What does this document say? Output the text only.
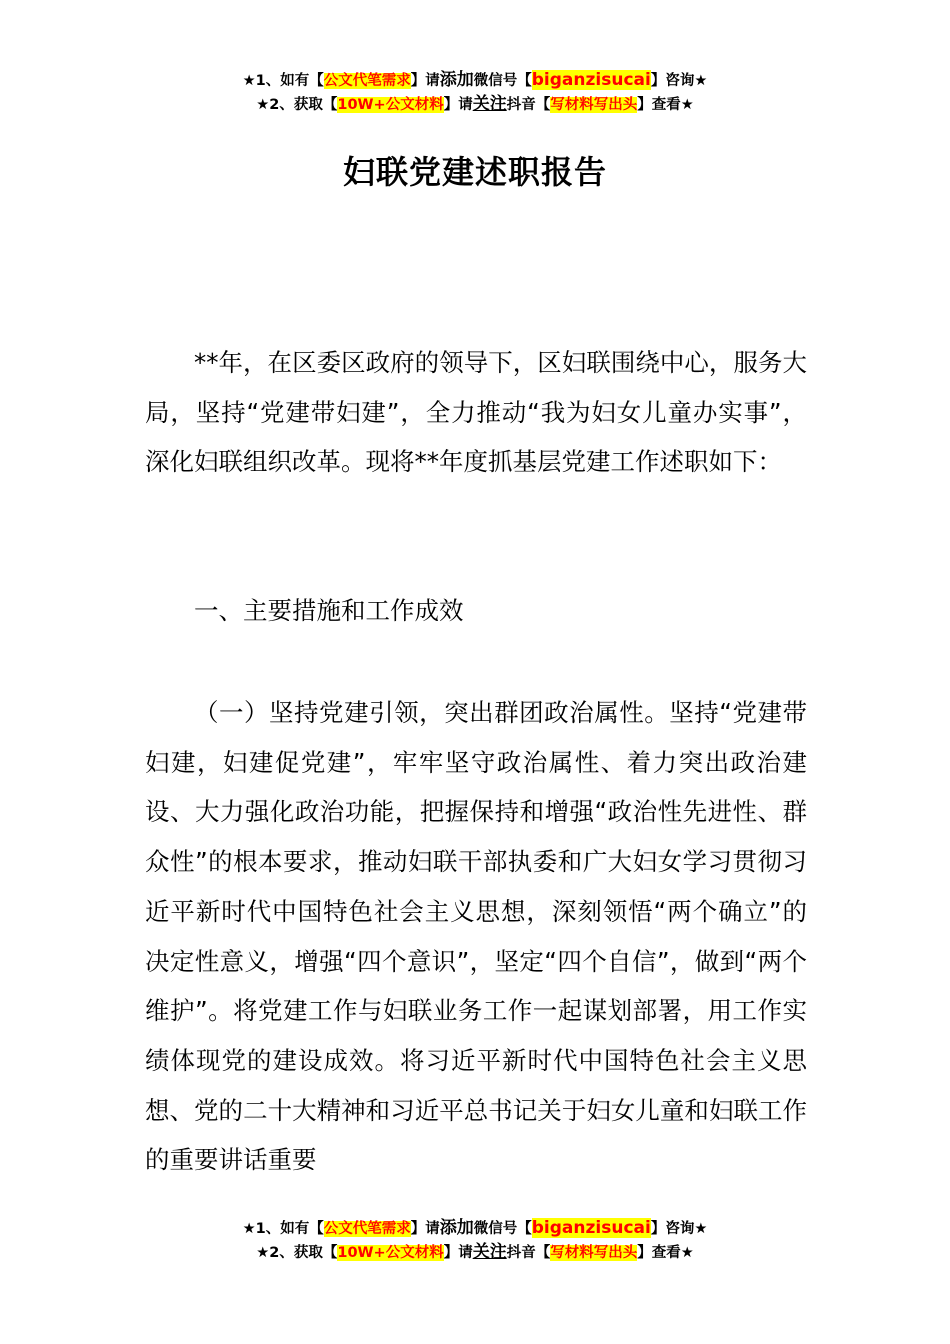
★1、如有【公文代笔需求】请添加微信号【biganzisucai】咨询★
★2、获取【10W+公文材料】请关注抖音【写材料写出头】查看★
妇联党建述职报告

**年，在区委区政府的领导下，区妇联围绕中心，服务大局，坚持“党建带妇建”，全力推动“我为妇女儿童办实事”，深化妇联组织改革。现将**年度抓基层党建工作述职如下：

一、主要措施和工作成效

（一）坚持党建引领，突出群团政治属性。坚持“党建带妇建，妇建促党建”，牢牢坚守政治属性、着力突出政治建设、大力强化政治功能，把握保持和增强“政治性先进性、群众性”的根本要求，推动妇联干部执委和广大妇女学习贯彻习近平新时代中国特色社会主义思想，深刻领悟“两个确立”的决定性意义，增强“四个意识”，坚定“四个自信”，做到“两个维护”。将党建工作与妇联业务工作一起谋划部署，用工作实绩体现党的建设成效。将习近平新时代中国特色社会主义思想、党的二十大精神和习近平总书记关于妇女儿童和妇联工作的重要讲话重要

★1、如有【公文代笔需求】请添加微信号【biganzisucai】咨询★
★2、获取【10W+公文材料】请关注抖音【写材料写出头】查看★
